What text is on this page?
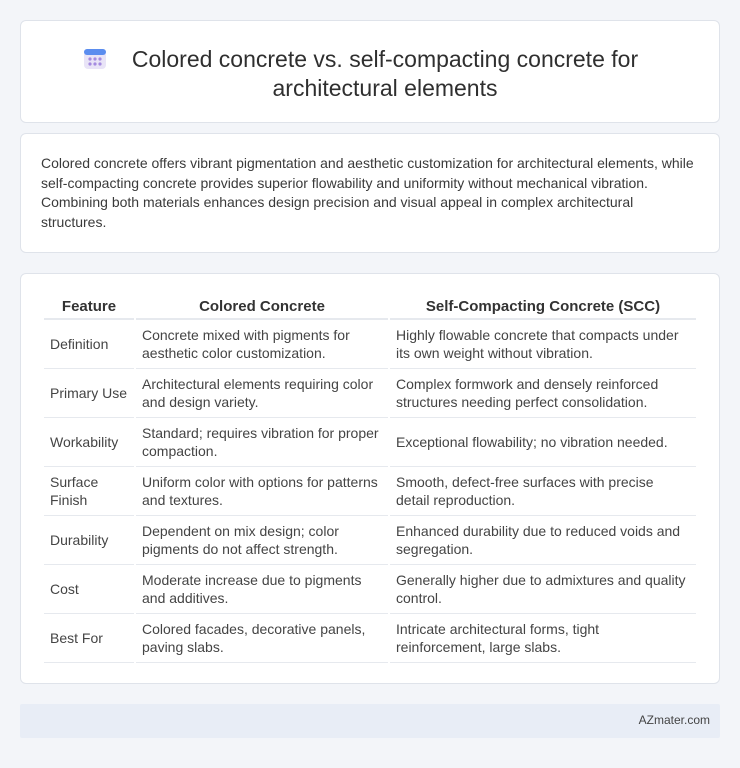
Colored concrete vs. self-compacting concrete for architectural elements

Colored concrete offers vibrant pigmentation and aesthetic customization for architectural elements, while self-compacting concrete provides superior flowability and uniformity without mechanical vibration. Combining both materials enhances design precision and visual appeal in complex architectural structures.

Feature	Colored Concrete	Self-Compacting Concrete (SCC)
Definition	Concrete mixed with pigments for aesthetic color customization.	Highly flowable concrete that compacts under its own weight without vibration.
Primary Use	Architectural elements requiring color and design variety.	Complex formwork and densely reinforced structures needing perfect consolidation.
Workability	Standard; requires vibration for proper compaction.	Exceptional flowability; no vibration needed.
Surface Finish	Uniform color with options for patterns and textures.	Smooth, defect-free surfaces with precise detail reproduction.
Durability	Dependent on mix design; color pigments do not affect strength.	Enhanced durability due to reduced voids and segregation.
Cost	Moderate increase due to pigments and additives.	Generally higher due to admixtures and quality control.
Best For	Colored facades, decorative panels, paving slabs.	Intricate architectural forms, tight reinforcement, large slabs.
AZmater.com
